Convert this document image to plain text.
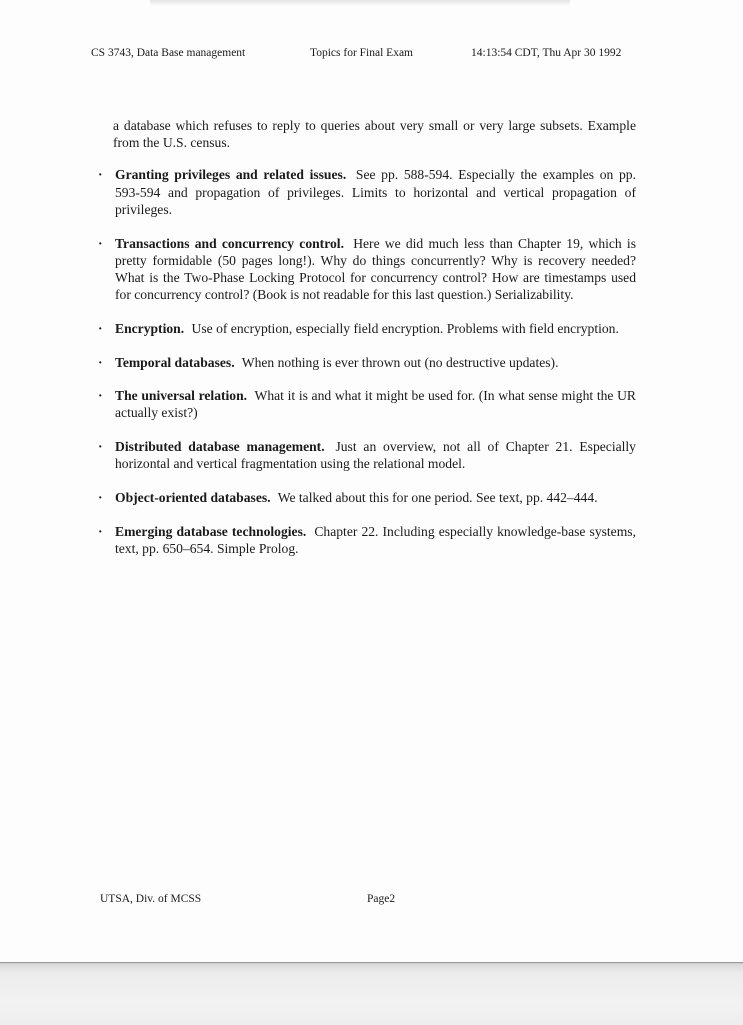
CS 3743, Data Base management	Topics for Final Exam	14:13:54 CDT, Thu Apr 30 1992

a database which refuses to reply to queries about very small or very large subsets. Example from the U.S. census.

· Granting privileges and related issues. See pp. 588-594. Especially the examples on pp. 593-594 and propagation of privileges. Limits to horizontal and vertical propagation of privileges.
· Transactions and concurrency control. Here we did much less than Chapter 19, which is pretty formidable (50 pages long!). Why do things concurrently? Why is recovery needed? What is the Two-Phase Locking Protocol for concurrency control? How are timestamps used for concurrency control? (Book is not readable for this last question.) Serializability.
· Encryption. Use of encryption, especially field encryption. Problems with field encryption.
· Temporal databases. When nothing is ever thrown out (no destructive updates).
· The universal relation. What it is and what it might be used for. (In what sense might the UR actually exist?)
· Distributed database management. Just an overview, not all of Chapter 21. Especially horizontal and vertical fragmentation using the relational model.
· Object-oriented databases. We talked about this for one period. See text, pp. 442–444.
· Emerging database technologies. Chapter 22. Including especially knowledge-base systems, text, pp. 650–654. Simple Prolog.
UTSA, Div. of MCSS	Page2
